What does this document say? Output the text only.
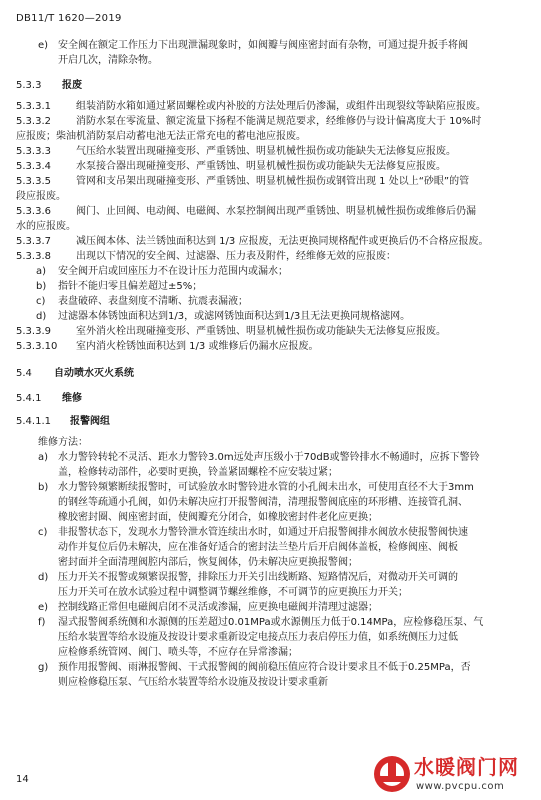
DB11/T 1620—2019
e) 安全阀在额定工作压力下出现泄漏现象时，如阀瓣与阀座密封面有杂物，可通过提升扳手将阀
开启几次，清除杂物。
5.3.3	报废
5.3.3.1	组装消防水箱如通过紧固螺栓或内补胶的方法处理后仍渗漏，或组件出现裂纹等缺陷应报废。
5.3.3.2	消防水泵在零流量、额定流量下扬程不能满足规范要求，经维修仍与设计偏离度大于 10%时
应报废；柴油机消防泵启动蓄电池无法正常充电的蓄电池应报废。
5.3.3.3	气压给水装置出现碰撞变形、严重锈蚀、明显机械性损伤或功能缺失无法修复应报废。
5.3.3.4	水泵接合器出现碰撞变形、严重锈蚀、明显机械性损伤或功能缺失无法修复应报废。
5.3.3.5	管网和支吊架出现碰撞变形、严重锈蚀、明显机械性损伤或钢管出现 1 处以上“砂眼”的管
段应报废。
5.3.3.6	阀门、止回阀、电动阀、电磁阀、水泵控制阀出现严重锈蚀、明显机械性损伤或维修后仍漏
水的应报废。
5.3.3.7	减压阀本体、法兰锈蚀面积达到 1/3 应报废，无法更换同规格配件或更换后仍不合格应报废。
5.3.3.8	出现以下情况的安全阀、过滤器、压力表及附件，经维修无效的应报废：
a)	安全阀开启或回座压力不在设计压力范围内或漏水；
b)	指针不能归零且偏差超过±5%；
c)	表盘破碎、表盘刻度不清晰、抗震表漏液；
d)	过滤器本体锈蚀面积达到1/3，或滤网锈蚀面积达到1/3且无法更换同规格滤网。
5.3.3.9	室外消火栓出现碰撞变形、严重锈蚀、明显机械性损伤或功能缺失无法修复应报废。
5.3.3.10	室内消火栓锈蚀面积达到 1/3 或维修后仍漏水应报废。
5.4	自动喷水灭火系统
5.4.1	维修
5.4.1.1	报警阀组
维修方法：
a) 水力警铃转轮不灵活、距水力警铃3.0m远处声压级小于70dB或警铃排水不畅通时，应拆下警铃
盖，检修转动部件，必要时更换，铃盖紧固螺栓不应安装过紧；
b) 水力警铃频繁断续报警时，可试验放水时警铃进水管的小孔阀未出水，可使用直径不大于3mm
的钢丝等疏通小孔阀，如仍未解决应打开报警阀清，清理报警阀底座的环形槽、连接管孔洞、
橡胶密封圈、阀座密封面，使阀瓣充分闭合，如橡胶密封件老化应更换；
c)	非报警状态下，发现水力警铃泄水管连续出水时，如通过开启报警阀排水阀放水使报警阀快速
动作并复位后仍未解决，应在准备好适合的密封法兰垫片后开启阀体盖板，检修阀座、阀板
密封面并全面清理阀腔内部后，恢复阀体，仍未解决应更换报警阀；
d) 压力开关不报警或频繁误报警，排除压力开关引出线断路、短路情况后，对微动开关可调的
压力开关可在放水试验过程中调整调节螺丝维修，不可调节的应更换压力开关；
e) 控制线路正常但电磁阀启闭不灵活或渗漏，应更换电磁阀并清理过滤器；
f)	湿式报警阀系统侧和水源侧的压差超过0.01MPa或水源侧压力低于0.14MPa，应检修稳压泵、气
压给水装置等给水设施及按设计要求重新设定电接点压力表启停压力值，如系统侧压力过低
应检修系统管网、阀门、喷头等，不应存在异常渗漏；
g) 预作用报警阀、雨淋报警阀、干式报警阀的阀前稳压值应符合设计要求且不低于0.25MPa，否
则应检修稳压泵、气压给水装置等给水设施及按设计要求重新
14
水暖阀门网
www.pvcpu.com
